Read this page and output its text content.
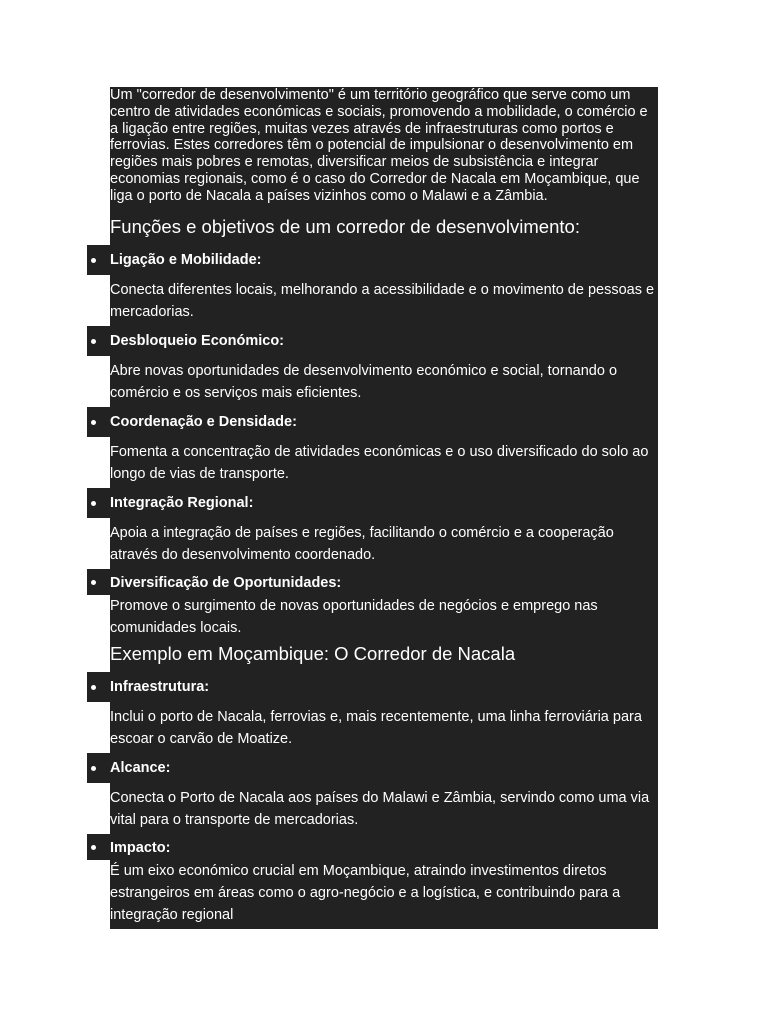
Um "corredor de desenvolvimento" é um território geográfico que serve como um centro de atividades económicas e sociais, promovendo a mobilidade, o comércio e a ligação entre regiões, muitas vezes através de infraestruturas como portos e ferrovias. Estes corredores têm o potencial de impulsionar o desenvolvimento em regiões mais pobres e remotas, diversificar meios de subsistência e integrar economias regionais, como é o caso do Corredor de Nacala em Moçambique, que liga o porto de Nacala a países vizinhos como o Malawi e a Zâmbia.

Funções e objetivos de um corredor de desenvolvimento:
Ligação e Mobilidade:

Conecta diferentes locais, melhorando a acessibilidade e o movimento de pessoas e mercadorias.

Desbloqueio Económico:

Abre novas oportunidades de desenvolvimento económico e social, tornando o comércio e os serviços mais eficientes.

Coordenação e Densidade:

Fomenta a concentração de atividades económicas e o uso diversificado do solo ao longo de vias de transporte.

Integração Regional:

Apoia a integração de países e regiões, facilitando o comércio e a cooperação através do desenvolvimento coordenado.

Diversificação de Oportunidades:

Promove o surgimento de novas oportunidades de negócios e emprego nas comunidades locais.

Exemplo em Moçambique: O Corredor de Nacala
Infraestrutura:

Inclui o porto de Nacala, ferrovias e, mais recentemente, uma linha ferroviária para escoar o carvão de Moatize.

Alcance:

Conecta o Porto de Nacala aos países do Malawi e Zâmbia, servindo como uma via vital para o transporte de mercadorias.

Impacto:

É um eixo económico crucial em Moçambique, atraindo investimentos diretos estrangeiros em áreas como o agro-negócio e a logística, e contribuindo para a integração regional
